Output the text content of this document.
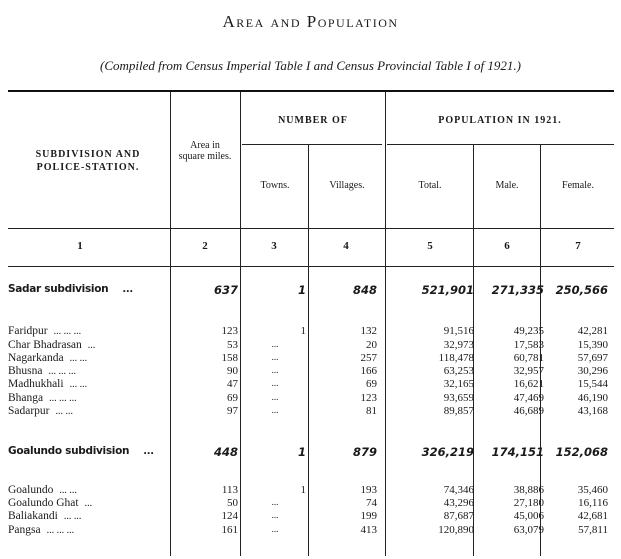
Area and Population
(Compiled from Census Imperial Table I and Census Provincial Table I of 1921.)
SUBDIVISION AND POLICE-STATION.
Area in square miles.
NUMBER OF
Towns.	Villages.
POPULATION IN 1921.
Total.	Male.	Female.
1	2	3	4	5	6	7
Sadar subdivision ...	637	1	848	521,901	271,335	250,566
Faridpur ... ... ...	123	1	132	91,516	49,235	42,281
Char Bhadrasan ...	53	...	20	32,973	17,583	15,390
Nagarkanda ... ...	158	...	257	118,478	60,781	57,697
Bhusna ... ... ...	90	...	166	63,253	32,957	30,296
Madhukhali ... ...	47	...	69	32,165	16,621	15,544
Bhanga ... ... ...	69	...	123	93,659	47,469	46,190
Sadarpur ... ...	97	...	81	89,857	46,689	43,168
Goalundo subdivision ...	448	1	879	326,219	174,151	152,068
Goalundo ... ...	113	1	193	74,346	38,886	35,460
Goalundo Ghat ...	50	...	74	43,296	27,180	16,116
Baliakandi ... ...	124	...	199	87,687	45,006	42,681
Pangsa ... ... ...	161	...	413	120,890	63,079	57,811
